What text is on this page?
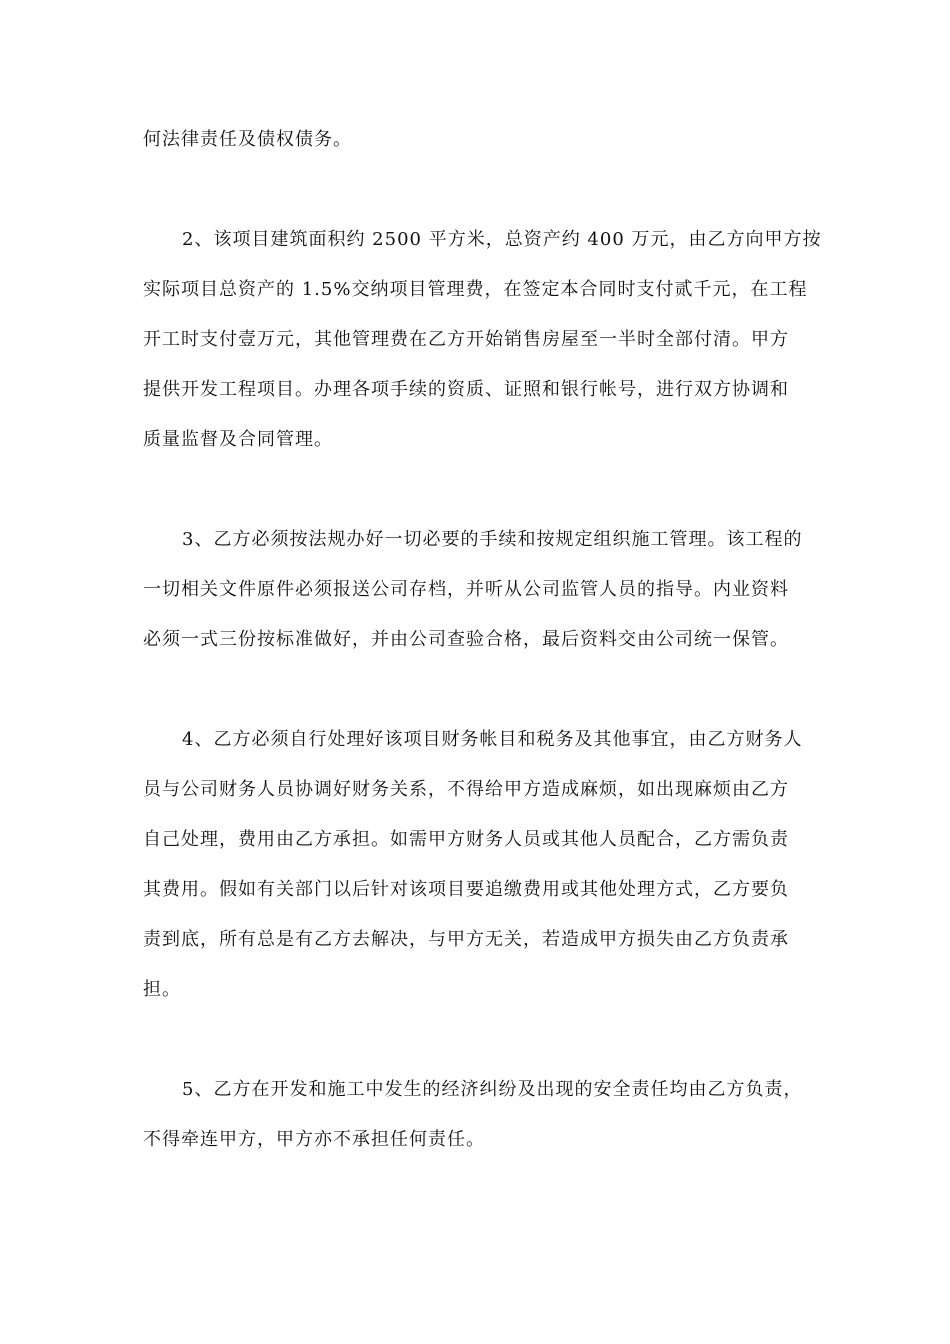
何法律责任及债权债务。
2、该项目建筑面积约 2500 平方米，总资产约 400 万元，由乙方向甲方按
实际项目总资产的 1.5%交纳项目管理费，在签定本合同时支付贰千元，在工程
开工时支付壹万元，其他管理费在乙方开始销售房屋至一半时全部付清。甲方
提供开发工程项目。办理各项手续的资质、证照和银行帐号，进行双方协调和
质量监督及合同管理。
3、乙方必须按法规办好一切必要的手续和按规定组织施工管理。该工程的
一切相关文件原件必须报送公司存档，并听从公司监管人员的指导。内业资料
必须一式三份按标准做好，并由公司查验合格，最后资料交由公司统一保管。
4、乙方必须自行处理好该项目财务帐目和税务及其他事宜，由乙方财务人
员与公司财务人员协调好财务关系，不得给甲方造成麻烦，如出现麻烦由乙方
自己处理，费用由乙方承担。如需甲方财务人员或其他人员配合，乙方需负责
其费用。假如有关部门以后针对该项目要追缴费用或其他处理方式，乙方要负
责到底，所有总是有乙方去解决，与甲方无关，若造成甲方损失由乙方负责承
担。
5、乙方在开发和施工中发生的经济纠纷及出现的安全责任均由乙方负责，
不得牵连甲方，甲方亦不承担任何责任。
